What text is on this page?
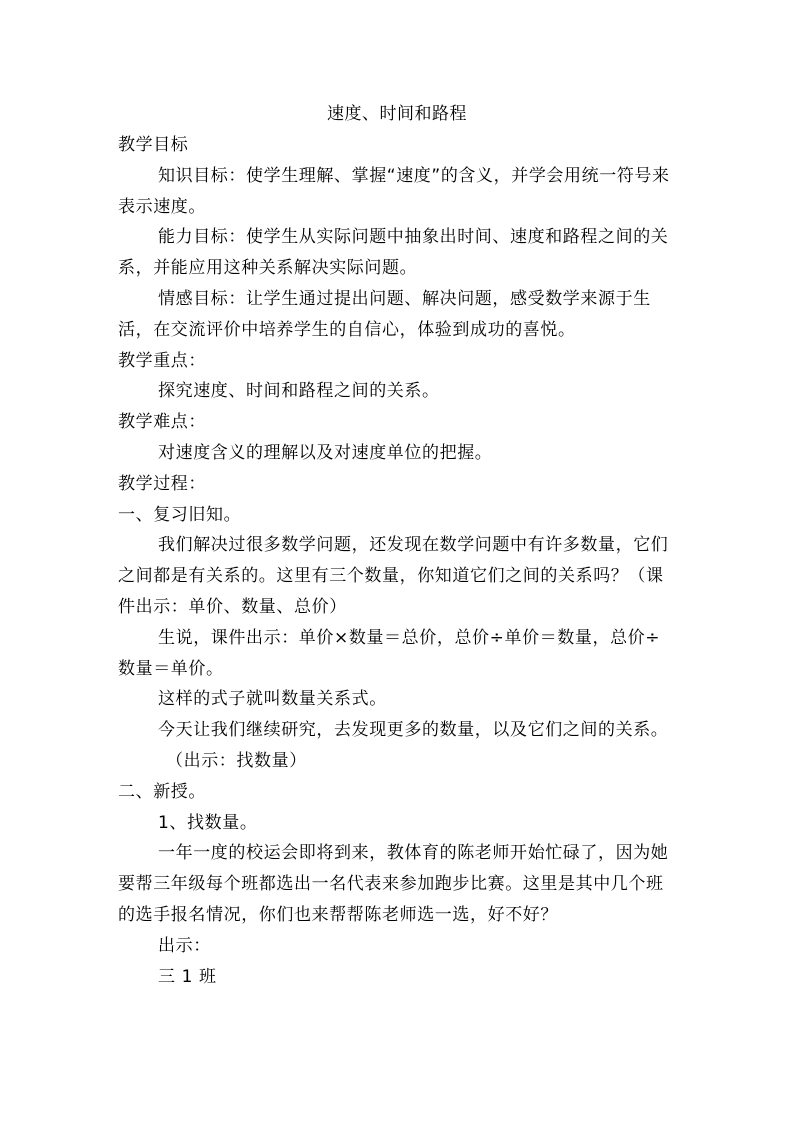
速度、时间和路程

教学目标

知识目标：使学生理解、掌握“速度”的含义，并学会用统一符号来表示速度。

能力目标：使学生从实际问题中抽象出时间、速度和路程之间的关系，并能应用这种关系解决实际问题。

情感目标：让学生通过提出问题、解决问题，感受数学来源于生活，在交流评价中培养学生的自信心，体验到成功的喜悦。

教学重点：

探究速度、时间和路程之间的关系。

教学难点：

对速度含义的理解以及对速度单位的把握。

教学过程：

一、复习旧知。

我们解决过很多数学问题，还发现在数学问题中有许多数量，它们之间都是有关系的。这里有三个数量，你知道它们之间的关系吗？（课件出示：单价、数量、总价）

生说，课件出示：单价×数量＝总价，总价÷单价＝数量，总价÷数量＝单价。

这样的式子就叫数量关系式。

今天让我们继续研究，去发现更多的数量，以及它们之间的关系。

（出示：找数量）

二、新授。

1、找数量。

一年一度的校运会即将到来，教体育的陈老师开始忙碌了，因为她要帮三年级每个班都选出一名代表来参加跑步比赛。这里是其中几个班的选手报名情况，你们也来帮帮陈老师选一选，好不好？

出示：

三 1 班
